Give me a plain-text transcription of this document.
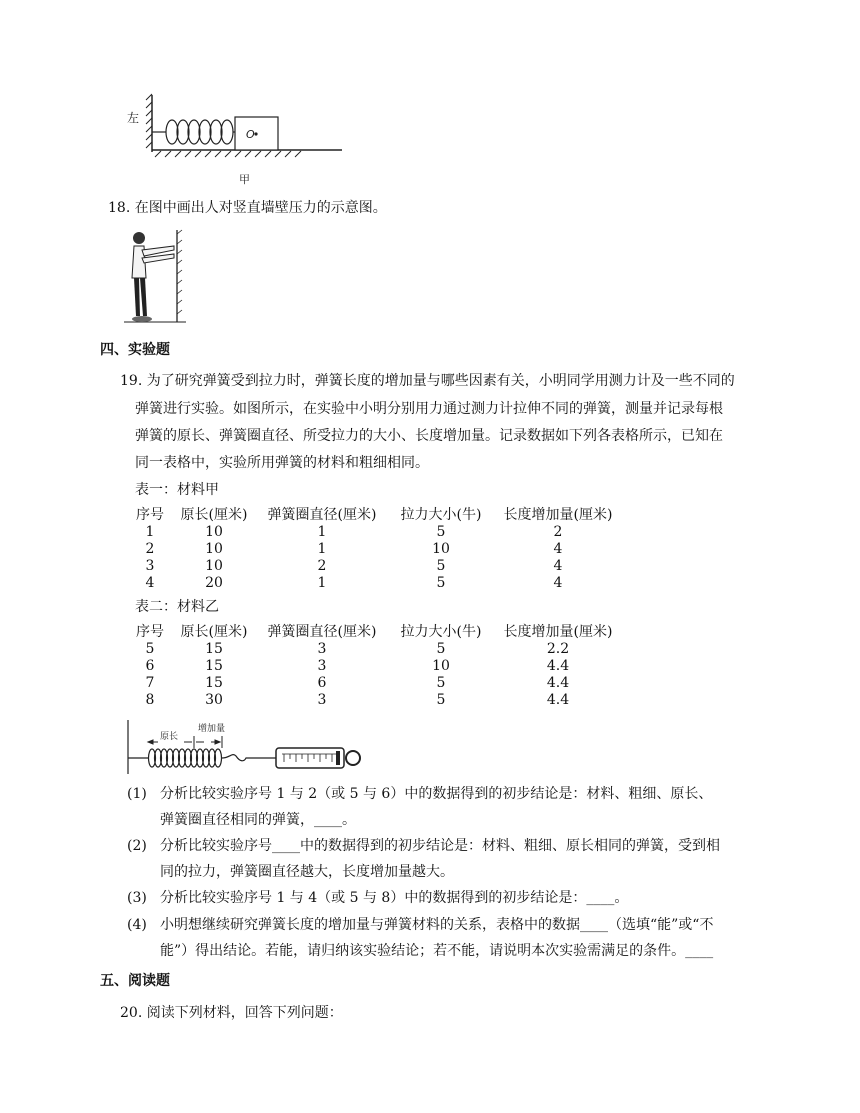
左
O
甲
18. 在图中画出人对竖直墙壁压力的示意图。
四、实验题
19. 为了研究弹簧受到拉力时，弹簧长度的增加量与哪些因素有关，小明同学用测力计及一些不同的
弹簧进行实验。如图所示，在实验中小明分别用力通过测力计拉伸不同的弹簧，测量并记录每根
弹簧的原长、弹簧圈直径、所受拉力的大小、长度增加量。记录数据如下列各表格所示，已知在
同一表格中，实验所用弹簧的材料和粗细相同。
表一：材料甲
序号	原长(厘米)	弹簧圈直径(厘米)	拉力大小(牛)	长度增加量(厘米)
1	10	1	5	2
2	10	1	10	4
3	10	2	5	4
4	20	1	5	4
表二：材料乙
序号	原长(厘米)	弹簧圈直径(厘米)	拉力大小(牛)	长度增加量(厘米)
5	15	3	5	2.2
6	15	3	10	4.4
7	15	6	5	4.4
8	30	3	5	4.4
原长
增加量
(1) 分析比较实验序号 1 与 2（或 5 与 6）中的数据得到的初步结论是：材料、粗细、原长、
弹簧圈直径相同的弹簧，____。
(2) 分析比较实验序号____中的数据得到的初步结论是：材料、粗细、原长相同的弹簧，受到相
同的拉力，弹簧圈直径越大，长度增加量越大。
(3) 分析比较实验序号 1 与 4（或 5 与 8）中的数据得到的初步结论是：____。
(4) 小明想继续研究弹簧长度的增加量与弹簧材料的关系，表格中的数据____（选填“能”或“不
能”）得出结论。若能，请归纳该实验结论；若不能，请说明本次实验需满足的条件。____
五、阅读题
20. 阅读下列材料，回答下列问题：
